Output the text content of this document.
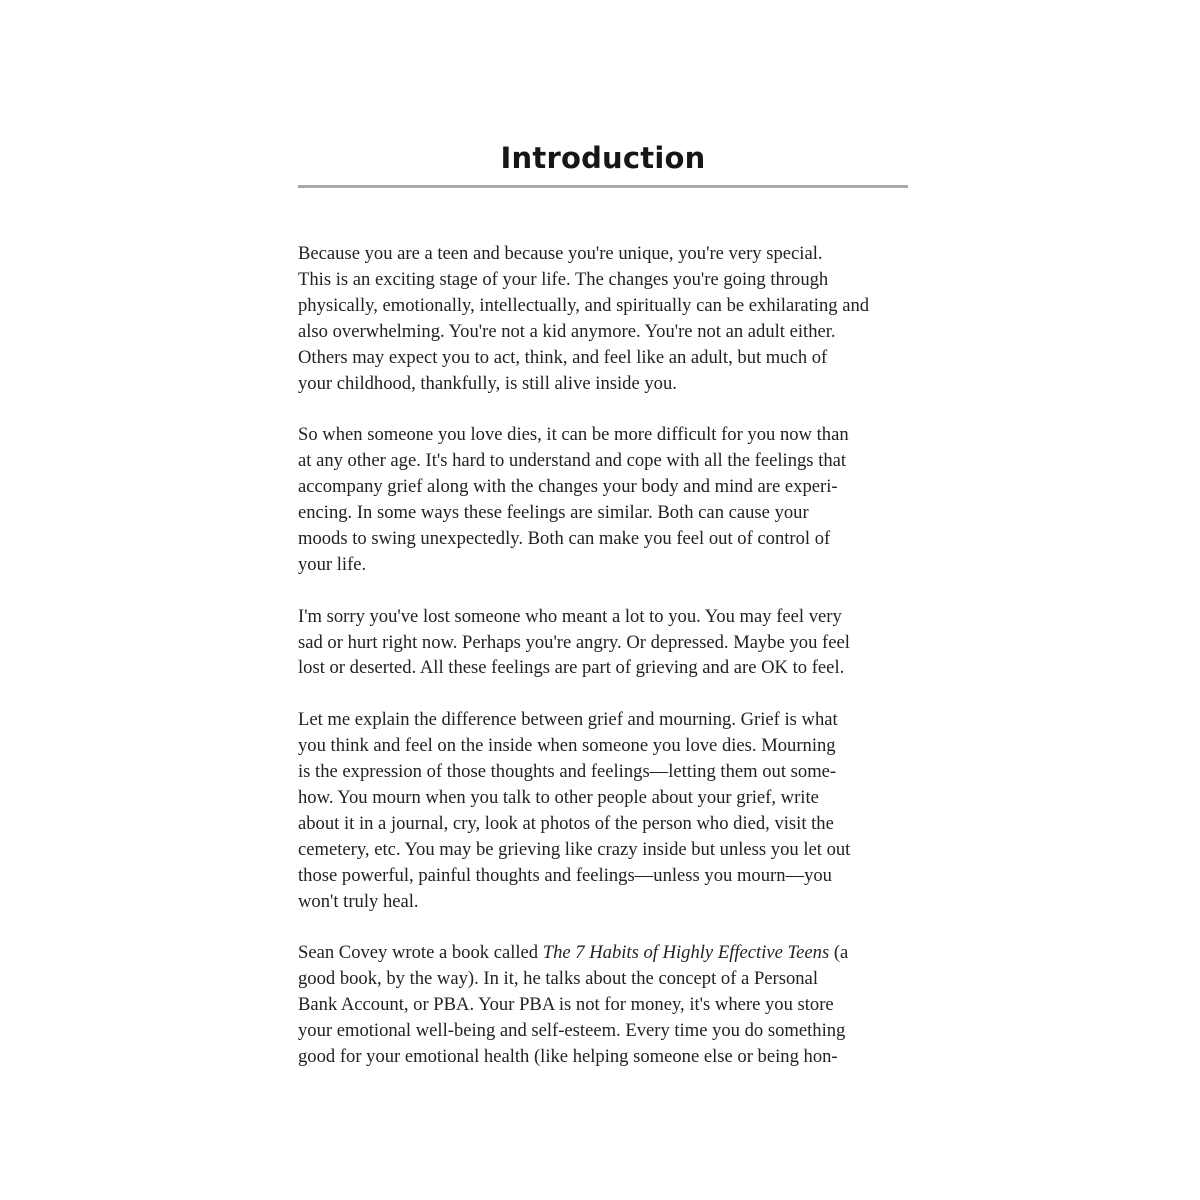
Introduction

Because you are a teen and because you're unique, you're very special.
This is an exciting stage of your life. The changes you're going through
physically, emotionally, intellectually, and spiritually can be exhilarating and
also overwhelming. You're not a kid anymore. You're not an adult either.
Others may expect you to act, think, and feel like an adult, but much of
your childhood, thankfully, is still alive inside you.

So when someone you love dies, it can be more difficult for you now than
at any other age. It's hard to understand and cope with all the feelings that
accompany grief along with the changes your body and mind are experi-
encing. In some ways these feelings are similar. Both can cause your
moods to swing unexpectedly. Both can make you feel out of control of
your life.

I'm sorry you've lost someone who meant a lot to you. You may feel very
sad or hurt right now. Perhaps you're angry. Or depressed. Maybe you feel
lost or deserted. All these feelings are part of grieving and are OK to feel.

Let me explain the difference between grief and mourning. Grief is what
you think and feel on the inside when someone you love dies. Mourning
is the expression of those thoughts and feelings—letting them out some-
how. You mourn when you talk to other people about your grief, write
about it in a journal, cry, look at photos of the person who died, visit the
cemetery, etc. You may be grieving like crazy inside but unless you let out
those powerful, painful thoughts and feelings—unless you mourn—you
won't truly heal.

Sean Covey wrote a book called The 7 Habits of Highly Effective Teens (a
good book, by the way). In it, he talks about the concept of a Personal
Bank Account, or PBA. Your PBA is not for money, it's where you store
your emotional well-being and self-esteem. Every time you do something
good for your emotional health (like helping someone else or being hon-
